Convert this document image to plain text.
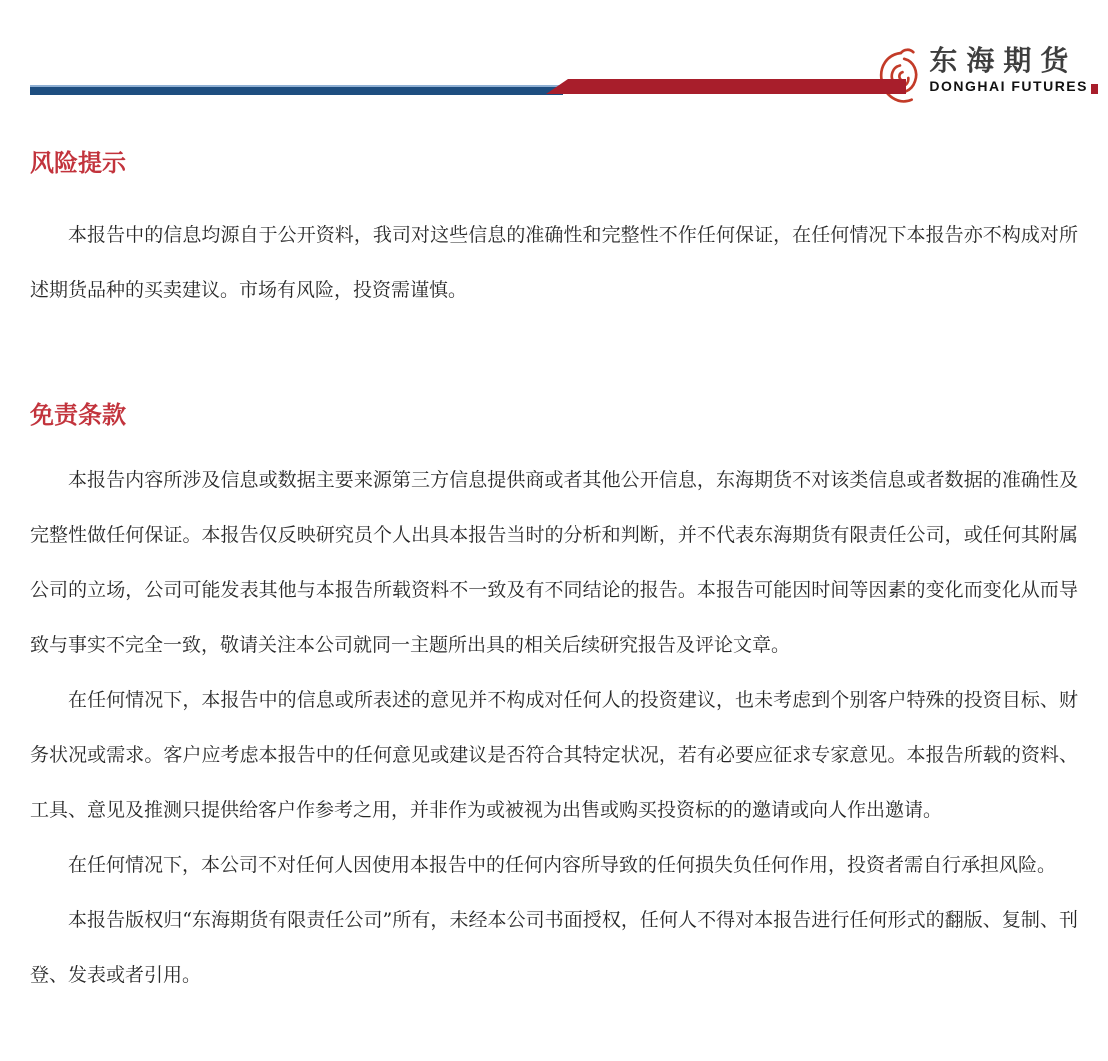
东海期货
DONGHAI FUTURES
风险提示

本报告中的信息均源自于公开资料，我司对这些信息的准确性和完整性不作任何保证，在任何情况下本报告亦不构成对所述期货品种的买卖建议。市场有风险，投资需谨慎。

免责条款

本报告内容所涉及信息或数据主要来源第三方信息提供商或者其他公开信息，东海期货不对该类信息或者数据的准确性及完整性做任何保证。本报告仅反映研究员个人出具本报告当时的分析和判断，并不代表东海期货有限责任公司，或任何其附属公司的立场，公司可能发表其他与本报告所载资料不一致及有不同结论的报告。本报告可能因时间等因素的变化而变化从而导致与事实不完全一致，敬请关注本公司就同一主题所出具的相关后续研究报告及评论文章。

在任何情况下，本报告中的信息或所表述的意见并不构成对任何人的投资建议，也未考虑到个别客户特殊的投资目标、财务状况或需求。客户应考虑本报告中的任何意见或建议是否符合其特定状况，若有必要应征求专家意见。本报告所载的资料、工具、意见及推测只提供给客户作参考之用，并非作为或被视为出售或购买投资标的的邀请或向人作出邀请。

在任何情况下，本公司不对任何人因使用本报告中的任何内容所导致的任何损失负任何作用，投资者需自行承担风险。

本报告版权归“东海期货有限责任公司”所有，未经本公司书面授权，任何人不得对本报告进行任何形式的翻版、复制、刊登、发表或者引用。
